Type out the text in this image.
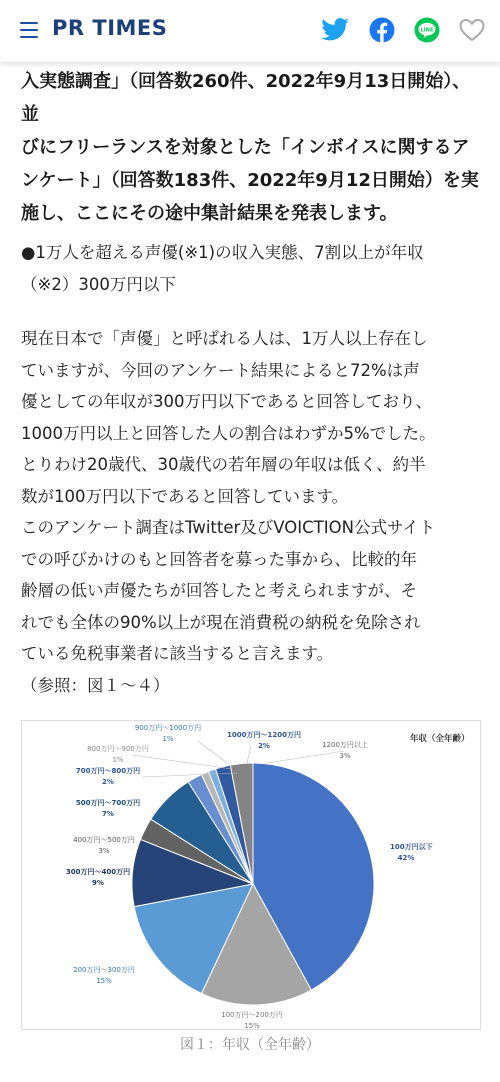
PR TIMES	LINE
入実態調査」（回答数260件、2022年9月13日開始）、並
びにフリーランスを対象とした「インボイスに関するア
ンケート」（回答数183件、2022年9月12日開始）を実
施し、ここにその途中集計結果を発表します。
●1万人を超える声優(※1)の収入実態、7割以上が年収
（※2）300万円以下
現在日本で「声優」と呼ばれる人は、1万人以上存在し
ていますが、今回のアンケート結果によると72%は声
優としての年収が300万円以下であると回答しており、
1000万円以上と回答した人の割合はわずか5%でした。
とりわけ20歳代、30歳代の若年層の年収は低く、約半
数が100万円以下であると回答しています。
このアンケート調査はTwitter及びVOICTION公式サイト
での呼びかけのもと回答者を募った事から、比較的年
齢層の低い声優たちが回答したと考えられますが、そ
れでも全体の90%以上が現在消費税の納税を免除され
ている免税事業者に該当すると言えます。
（参照：図１～４）
年収（全年齢）
100万円以下
42%
100万円～200万円
15%
200万円～300万円
15%
300万円～400万円
9%
400万円～500万円
3%
500万円～700万円
7%
700万円～800万円
2%
800万円～900万円
1%
900万円～1000万円
1%	1000万円～1200万円
2%	1200万円以上
3%
図１：年収（全年齢）
